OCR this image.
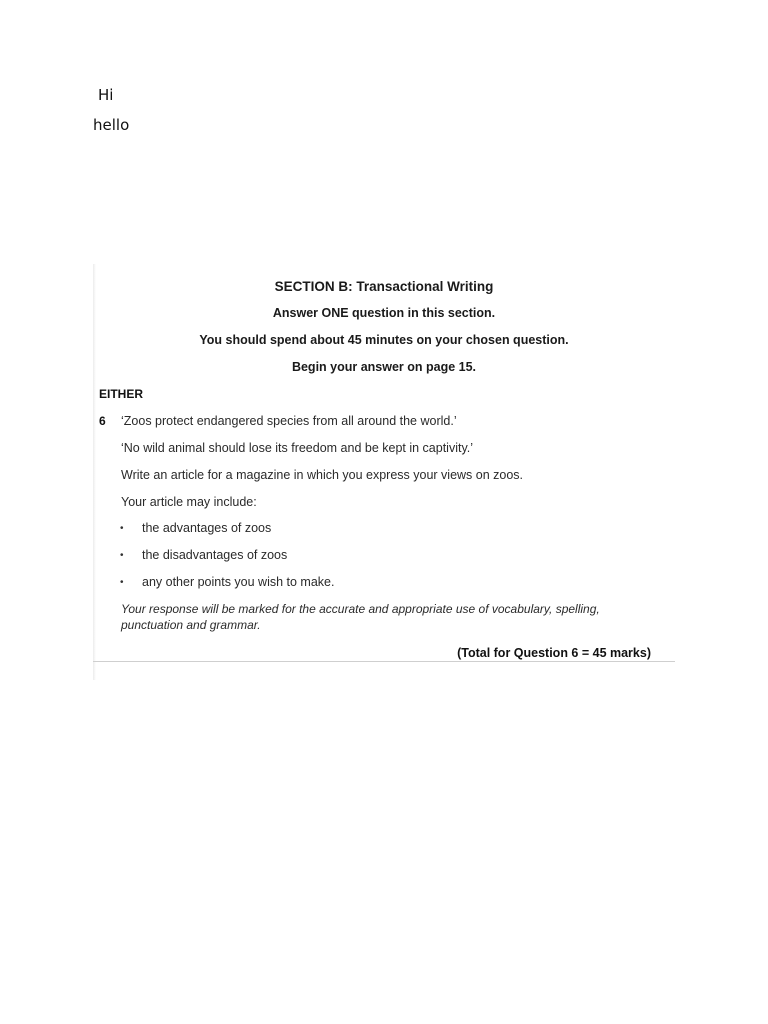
Hi

hello

SECTION B: Transactional Writing

Answer ONE question in this section.

You should spend about 45 minutes on your chosen question.

Begin your answer on page 15.

EITHER

6 ‘Zoos protect endangered species from all around the world.’

‘No wild animal should lose its freedom and be kept in captivity.’

Write an article for a magazine in which you express your views on zoos.

Your article may include:

• the advantages of zoos
• the disadvantages of zoos
• any other points you wish to make.

Your response will be marked for the accurate and appropriate use of vocabulary, spelling, punctuation and grammar.

(Total for Question 6 = 45 marks)
